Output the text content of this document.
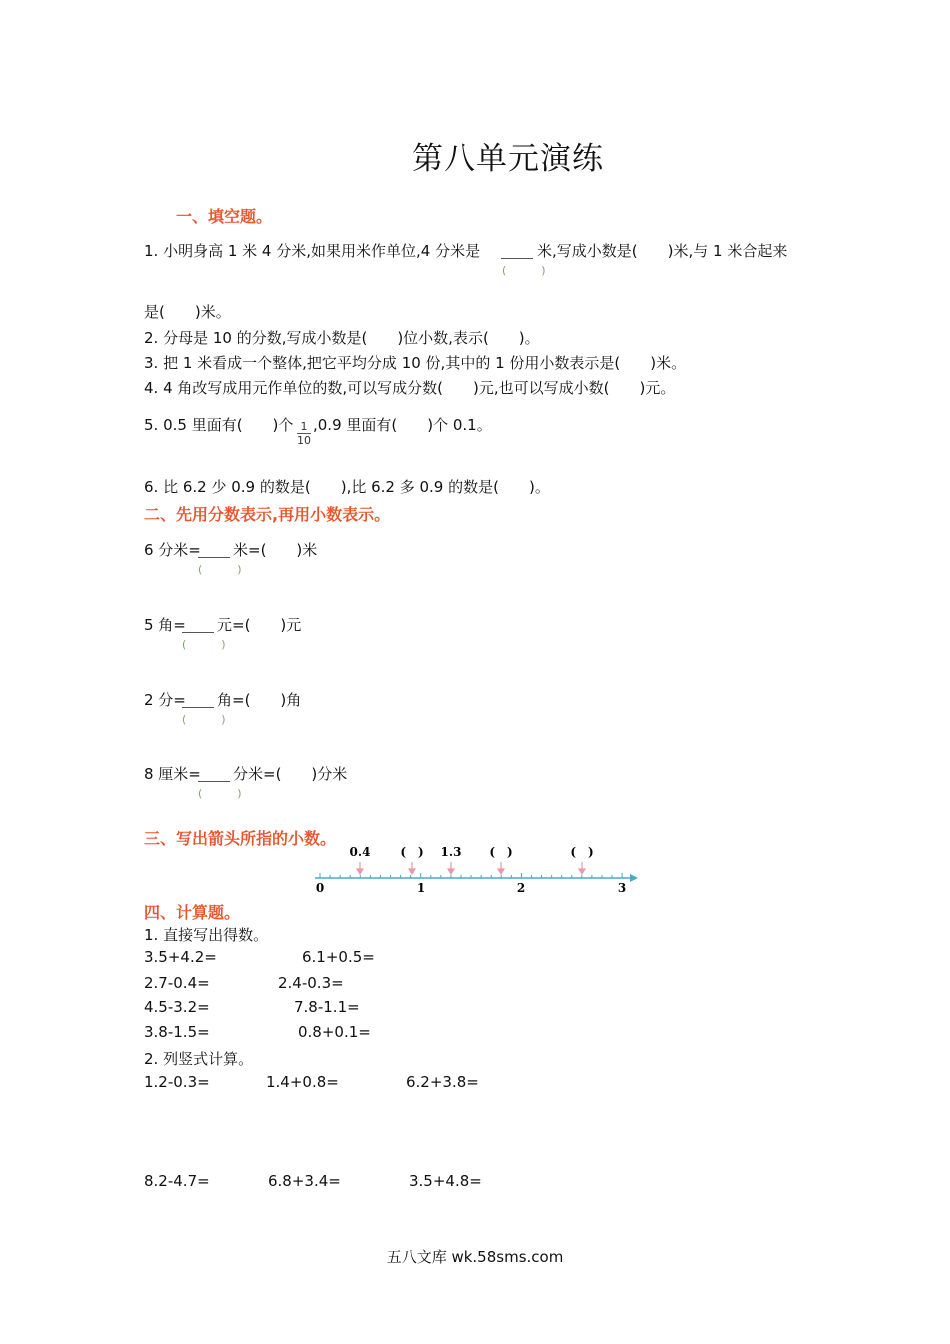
第八单元演练
一、填空题。
1. 小明身高 1 米 4 分米,如果用米作单位,4 分米是
(　)
米,写成小数是(　　)米,与 1 米合起来
是(　　)米。
2. 分母是 10 的分数,写成小数是(　　)位小数,表示(　　)。
3. 把 1 米看成一个整体,把它平均分成 10 份,其中的 1 份用小数表示是(　　)米。
4. 4 角改写成用元作单位的数,可以写成分数(　　)元,也可以写成小数(　　)元。
5. 0.5 里面有(　　)个 $\frac{1}{10} ,0.9$ 里面有(　　)个 0.1。
6. 比 6.2 少 0.9 的数是(　　),比 6.2 多 0.9 的数是(　　)。
二、先用分数表示,再用小数表示。
6 分米=
(　)
米=(　　)米
5 角=
(　)
元=(　　)元
2 分=
(　)
角=(　　)角
8 厘米=
(　)
分米=(　　)分米
三、写出箭头所指的小数。
0.4 (　) 1.3 (　)	(　)
0	1	2	3
四、计算题。
1. 直接写出得数。
3.5+4.2=	6.1+0.5=
2.7-0.4=	2.4-0.3=
4.5-3.2=	7.8-1.1=
3.8-1.5=	0.8+0.1=
2. 列竖式计算。
1.2-0.3=	1.4+0.8=	6.2+3.8=
8.2-4.7=	6.8+3.4=	3.5+4.8=
五八文库 wk.58sms.com
